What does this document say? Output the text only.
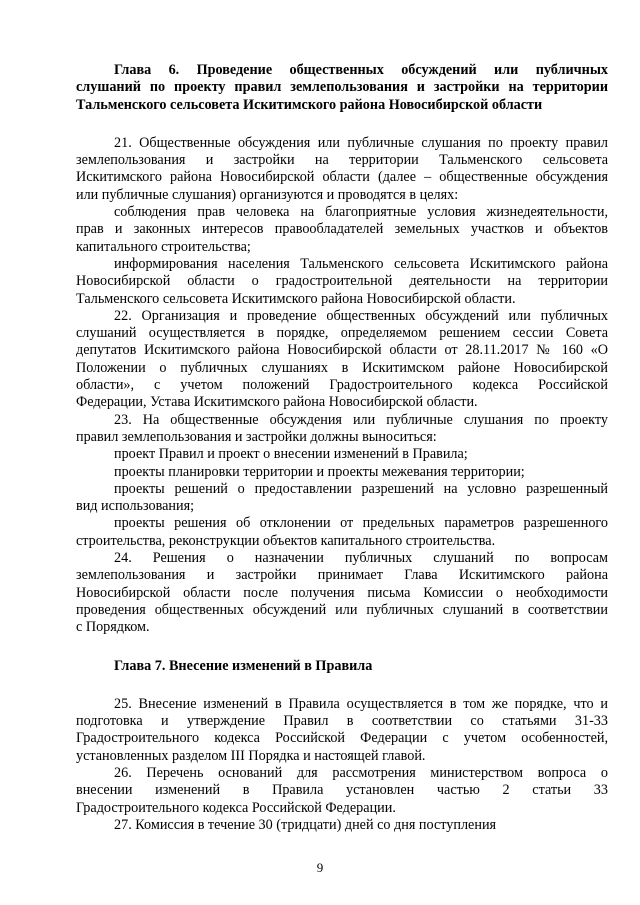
Глава 6. Проведение общественных обсуждений или публичных
слушаний по проекту правил землепользования и застройки на территории
Тальменского сельсовета Искитимского района Новосибирской области
21. Общественные обсуждения или публичные слушания по проекту правил
землепользования и застройки на территории Тальменского сельсовета
Искитимского района Новосибирской области (далее – общественные обсуждения
или публичные слушания) организуются и проводятся в целях:
соблюдения прав человека на благоприятные условия жизнедеятельности,
прав и законных интересов правообладателей земельных участков и объектов
капитального строительства;
информирования населения Тальменского сельсовета Искитимского района
Новосибирской области о градостроительной деятельности на территории
Тальменского сельсовета Искитимского района Новосибирской области.
22. Организация и проведение общественных обсуждений или публичных
слушаний осуществляется в порядке, определяемом решением сессии Совета
депутатов Искитимского района Новосибирской области от 28.11.2017 № 160 «О
Положении о публичных слушаниях в Искитимском районе Новосибирской
области», с учетом положений Градостроительного кодекса Российской
Федерации, Устава Искитимского района Новосибирской области.
23. На общественные обсуждения или публичные слушания по проекту
правил землепользования и застройки должны выноситься:
проект Правил и проект о внесении изменений в Правила;
проекты планировки территории и проекты межевания территории;
проекты решений о предоставлении разрешений на условно разрешенный
вид использования;
проекты решения об отклонении от предельных параметров разрешенного
строительства, реконструкции объектов капитального строительства.
24. Решения о назначении публичных слушаний по вопросам
землепользования и застройки принимает Глава Искитимского района
Новосибирской области после получения письма Комиссии о необходимости
проведения общественных обсуждений или публичных слушаний в соответствии
с Порядком.
Глава 7. Внесение изменений в Правила
25. Внесение изменений в Правила осуществляется в том же порядке, что и
подготовка и утверждение Правил в соответствии со статьями 31-33
Градостроительного кодекса Российской Федерации с учетом особенностей,
установленных разделом III Порядка и настоящей главой.
26. Перечень оснований для рассмотрения министерством вопроса о
внесении изменений в Правила установлен частью 2 статьи 33
Градостроительного кодекса Российской Федерации.
27. Комиссия в течение 30 (тридцати) дней со дня поступления
9
